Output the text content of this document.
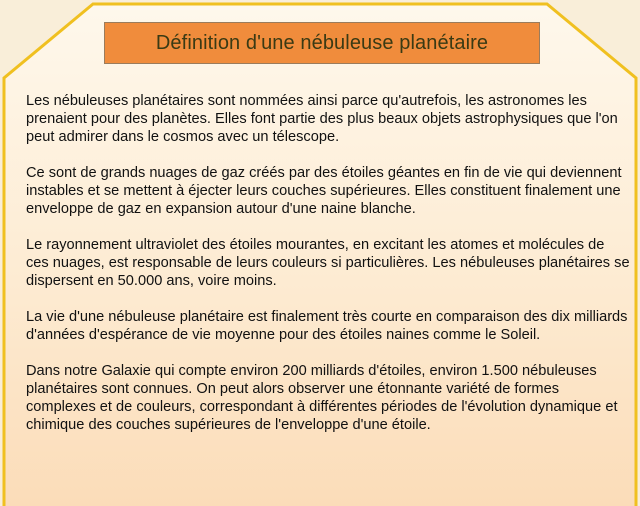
Définition d'une nébuleuse planétaire

Les nébuleuses planétaires sont nommées ainsi parce qu'autrefois, les astronomes les prenaient pour des planètes. Elles font partie des plus beaux objets astrophysiques que l'on peut admirer dans le cosmos avec un télescope.

Ce sont de grands nuages de gaz créés par des étoiles géantes en fin de vie qui deviennent instables et se mettent à éjecter leurs couches supérieures. Elles constituent finalement une enveloppe de gaz en expansion autour d'une naine blanche.

Le rayonnement ultraviolet des étoiles mourantes, en excitant les atomes et molécules de ces nuages, est responsable de leurs couleurs si particulières. Les nébuleuses planétaires se dispersent en 50.000 ans, voire moins.

La vie d'une nébuleuse planétaire est finalement très courte en comparaison des dix milliards d'années d'espérance de vie moyenne pour des étoiles naines comme le Soleil.

Dans notre Galaxie qui compte environ 200 milliards d'étoiles, environ 1.500 nébuleuses planétaires sont connues. On peut alors observer une étonnante variété de formes complexes et de couleurs, correspondant à différentes périodes de l'évolution dynamique et chimique des couches supérieures de l'enveloppe d'une étoile.
